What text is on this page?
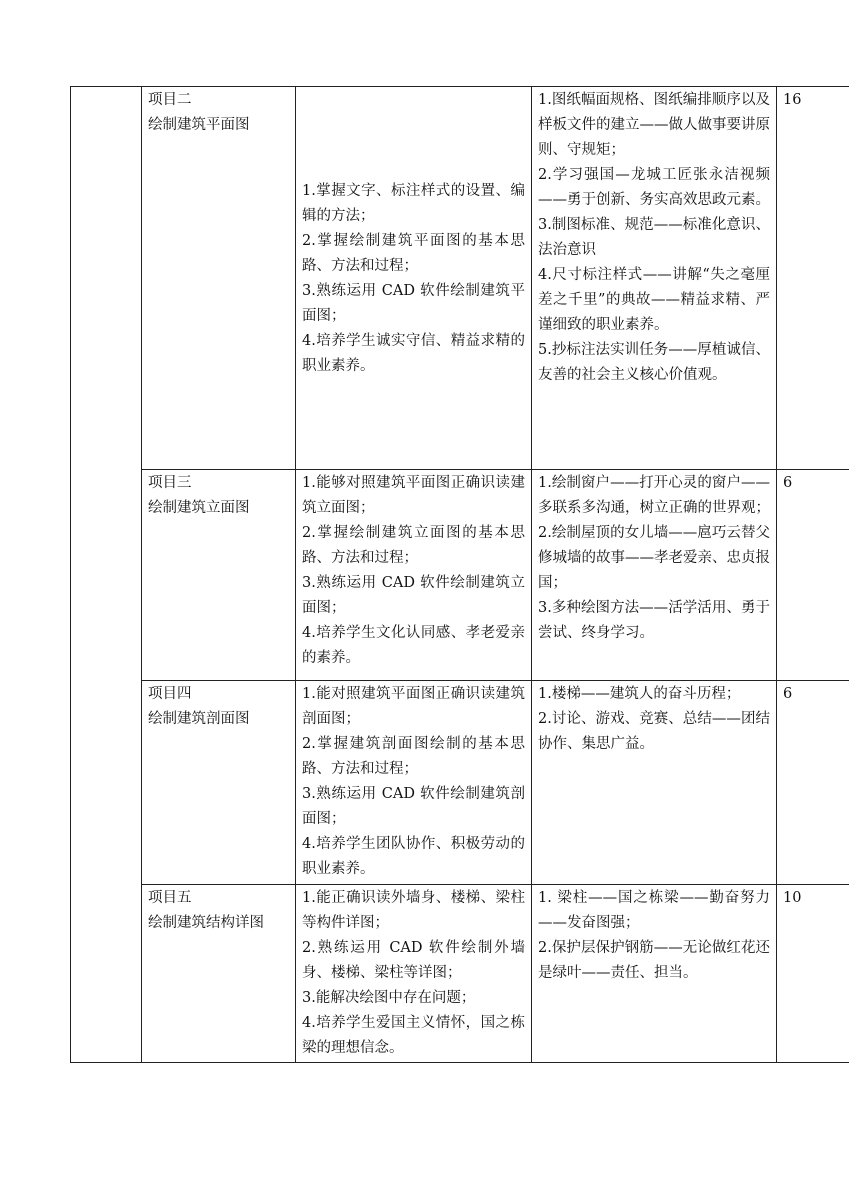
	项目二
绘制建筑平面图	1.掌握文字、标注样式的设置、编辑的方法；
2.掌握绘制建筑平面图的基本思路、方法和过程；
3.熟练运用 CAD 软件绘制建筑平面图；
4.培养学生诚实守信、精益求精的职业素养。	1.图纸幅面规格、图纸编排顺序以及样板文件的建立——做人做事要讲原则、守规矩；
2.学习强国—龙城工匠张永洁视频——勇于创新、务实高效思政元素。
3.制图标准、规范——标准化意识、法治意识
4.尺寸标注样式——讲解“失之毫厘差之千里”的典故——精益求精、严谨细致的职业素养。
5.抄标注法实训任务——厚植诚信、友善的社会主义核心价值观。	16

	项目三
绘制建筑立面图	1.能够对照建筑平面图正确识读建筑立面图；
2.掌握绘制建筑立面图的基本思路、方法和过程；
3.熟练运用 CAD 软件绘制建筑立面图；
4.培养学生文化认同感、孝老爱亲的素养。	1.绘制窗户——打开心灵的窗户——多联系多沟通，树立正确的世界观；
2.绘制屋顶的女儿墙——扈巧云替父修城墙的故事——孝老爱亲、忠贞报国；
3.多种绘图方法——活学活用、勇于尝试、终身学习。	6

	项目四
绘制建筑剖面图	1.能对照建筑平面图正确识读建筑剖面图；
2.掌握建筑剖面图绘制的基本思路、方法和过程；
3.熟练运用 CAD 软件绘制建筑剖面图；
4.培养学生团队协作、积极劳动的职业素养。	1.楼梯——建筑人的奋斗历程；
2.讨论、游戏、竞赛、总结——团结协作、集思广益。	6

	项目五
绘制建筑结构详图	1.能正确识读外墙身、楼梯、梁柱等构件详图；
2.熟练运用 CAD 软件绘制外墙身、楼梯、梁柱等详图；
3.能解决绘图中存在问题；
4.培养学生爱国主义情怀，国之栋梁的理想信念。	1. 梁柱——国之栋梁——勤奋努力——发奋图强；
2.保护层保护钢筋——无论做红花还是绿叶——责任、担当。	10
